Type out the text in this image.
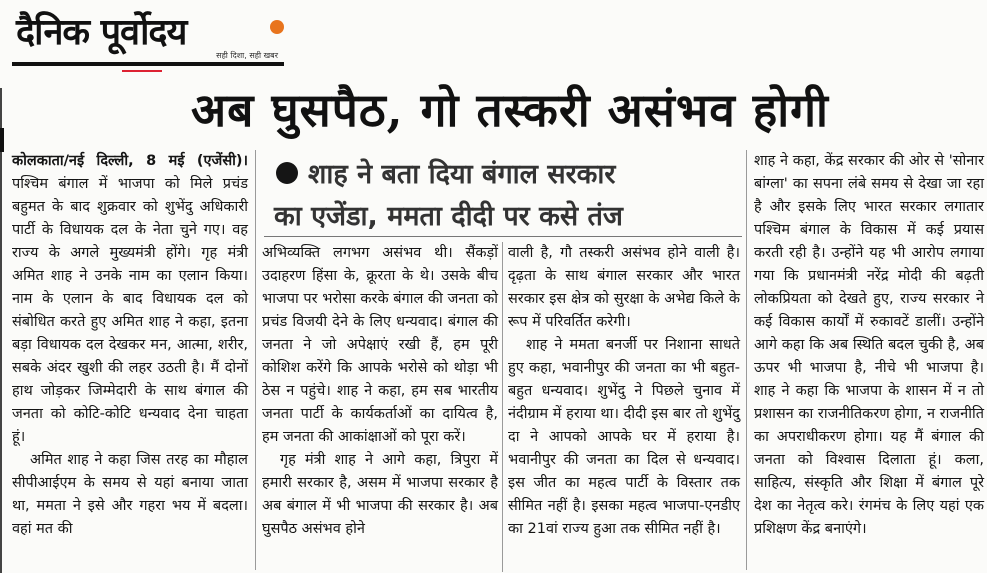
दैनिक पूर्वोदय
सही दिशा, सही खबर
अब घुसपैठ, गो तस्करी असंभव होगी
शाह ने बता दिया बंगाल सरकार
का एजेंडा, ममता दीदी पर कसे तंज

कोलकाता/नई दिल्ली, 8 मई (एजेंसी)। पश्चिम बंगाल में भाजपा को मिले प्रचंड बहुमत के बाद शुक्रवार को शुभेंदु अधिकारी पार्टी के विधायक दल के नेता चुने गए। वह राज्य के अगले मुख्यमंत्री होंगे। गृह मंत्री अमित शाह ने उनके नाम का एलान किया। नाम के एलान के बाद विधायक दल को संबोधित करते हुए अमित शाह ने कहा, इतना बड़ा विधायक दल देखकर मन, आत्मा, शरीर, सबके अंदर खुशी की लहर उठती है। मैं दोनों हाथ जोड़कर जिम्मेदारी के साथ बंगाल की जनता को कोटि-कोटि धन्यवाद देना चाहता हूं।

अमित शाह ने कहा जिस तरह का मौहाल सीपीआईएम के समय से यहां बनाया जाता था, ममता ने इसे और गहरा भय में बदला। वहां मत की

अभिव्यक्ति लगभग असंभव थी। सैंकड़ों उदाहरण हिंसा के, क्रूरता के थे। उसके बीच भाजपा पर भरोसा करके बंगाल की जनता को प्रचंड विजयी देने के लिए धन्यवाद। बंगाल की जनता ने जो अपेक्षाएं रखी हैं, हम पूरी कोशिश करेंगे कि आपके भरोसे को थोड़ा भी ठेस न पहुंचे। शाह ने कहा, हम सब भारतीय जनता पार्टी के कार्यकर्ताओं का दायित्व है, हम जनता की आकांक्षाओं को पूरा करें।

गृह मंत्री शाह ने आगे कहा, त्रिपुरा में हमारी सरकार है, असम में भाजपा सरकार है अब बंगाल में भी भाजपा की सरकार है। अब घुसपैठ असंभव होने

वाली है, गौ तस्करी असंभव होने वाली है। दृढ़ता के साथ बंगाल सरकार और भारत सरकार इस क्षेत्र को सुरक्षा के अभेद्य किले के रूप में परिवर्तित करेगी।

शाह ने ममता बनर्जी पर निशाना साधते हुए कहा, भवानीपुर की जनता का भी बहुत-बहुत धन्यवाद। शुभेंदु ने पिछले चुनाव में नंदीग्राम में हराया था। दीदी इस बार तो शुभेंदु दा ने आपको आपके घर में हराया है। भवानीपुर की जनता का दिल से धन्यवाद। इस जीत का महत्व पार्टी के विस्तार तक सीमित नहीं है। इसका महत्व भाजपा-एनडीए का 21वां राज्य हुआ तक सीमित नहीं है।

शाह ने कहा, केंद्र सरकार की ओर से 'सोनार बांग्ला' का सपना लंबे समय से देखा जा रहा है और इसके लिए भारत सरकार लगातार पश्चिम बंगाल के विकास में कई प्रयास करती रही है। उन्होंने यह भी आरोप लगाया गया कि प्रधानमंत्री नरेंद्र मोदी की बढ़ती लोकप्रियता को देखते हुए, राज्य सरकार ने कई विकास कार्यों में रुकावटें डालीं। उन्होंने आगे कहा कि अब स्थिति बदल चुकी है, अब ऊपर भी भाजपा है, नीचे भी भाजपा है। शाह ने कहा कि भाजपा के शासन में न तो प्रशासन का राजनीतिकरण होगा, न राजनीति का अपराधीकरण होगा। यह मैं बंगाल की जनता को विश्वास दिलाता हूं। कला, साहित्य, संस्कृति और शिक्षा में बंगाल पूरे देश का नेतृत्व करे। रंगमंच के लिए यहां एक प्रशिक्षण केंद्र बनाएंगे।
